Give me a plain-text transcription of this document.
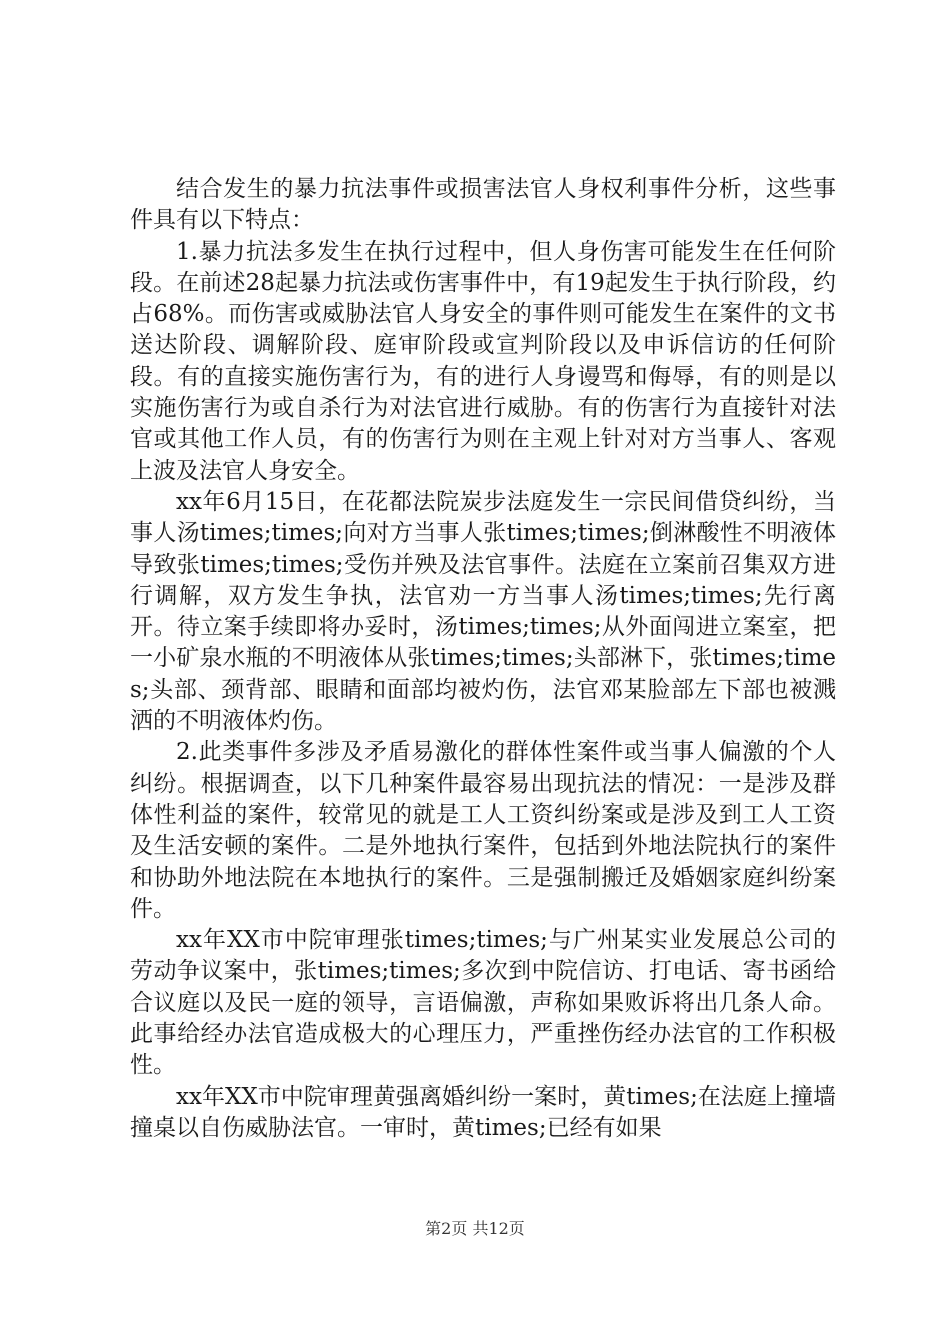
结合发生的暴力抗法事件或损害法官人身权利事件分析，这些事件具有以下特点：

1.暴力抗法多发生在执行过程中，但人身伤害可能发生在任何阶段。在前述28起暴力抗法或伤害事件中，有19起发生于执行阶段，约占68%。而伤害或威胁法官人身安全的事件则可能发生在案件的文书送达阶段、调解阶段、庭审阶段或宣判阶段以及申诉信访的任何阶段。有的直接实施伤害行为，有的进行人身谩骂和侮辱，有的则是以实施伤害行为或自杀行为对法官进行威胁。有的伤害行为直接针对法官或其他工作人员，有的伤害行为则在主观上针对对方当事人、客观上波及法官人身安全。

xx年6月15日，在花都法院炭步法庭发生一宗民间借贷纠纷，当事人汤times;times;向对方当事人张times;times;倒淋酸性不明液体导致张times;times;受伤并殃及法官事件。法庭在立案前召集双方进行调解，双方发生争执，法官劝一方当事人汤times;times;先行离开。待立案手续即将办妥时，汤times;times;从外面闯进立案室，把一小矿泉水瓶的不明液体从张times;times;头部淋下，张times;times;头部、颈背部、眼睛和面部均被灼伤，法官邓某脸部左下部也被溅洒的不明液体灼伤。

2.此类事件多涉及矛盾易激化的群体性案件或当事人偏激的个人纠纷。根据调查，以下几种案件最容易出现抗法的情况：一是涉及群体性利益的案件，较常见的就是工人工资纠纷案或是涉及到工人工资及生活安顿的案件。二是外地执行案件，包括到外地法院执行的案件和协助外地法院在本地执行的案件。三是强制搬迁及婚姻家庭纠纷案件。

xx年XX市中院审理张times;times;与广州某实业发展总公司的劳动争议案中，张times;times;多次到中院信访、打电话、寄书函给合议庭以及民一庭的领导，言语偏激，声称如果败诉将出几条人命。此事给经办法官造成极大的心理压力，严重挫伤经办法官的工作积极性。

xx年XX市中院审理黄强离婚纠纷一案时，黄times;在法庭上撞墙撞桌以自伤威胁法官。一审时，黄times;已经有如果

第2页 共12页
